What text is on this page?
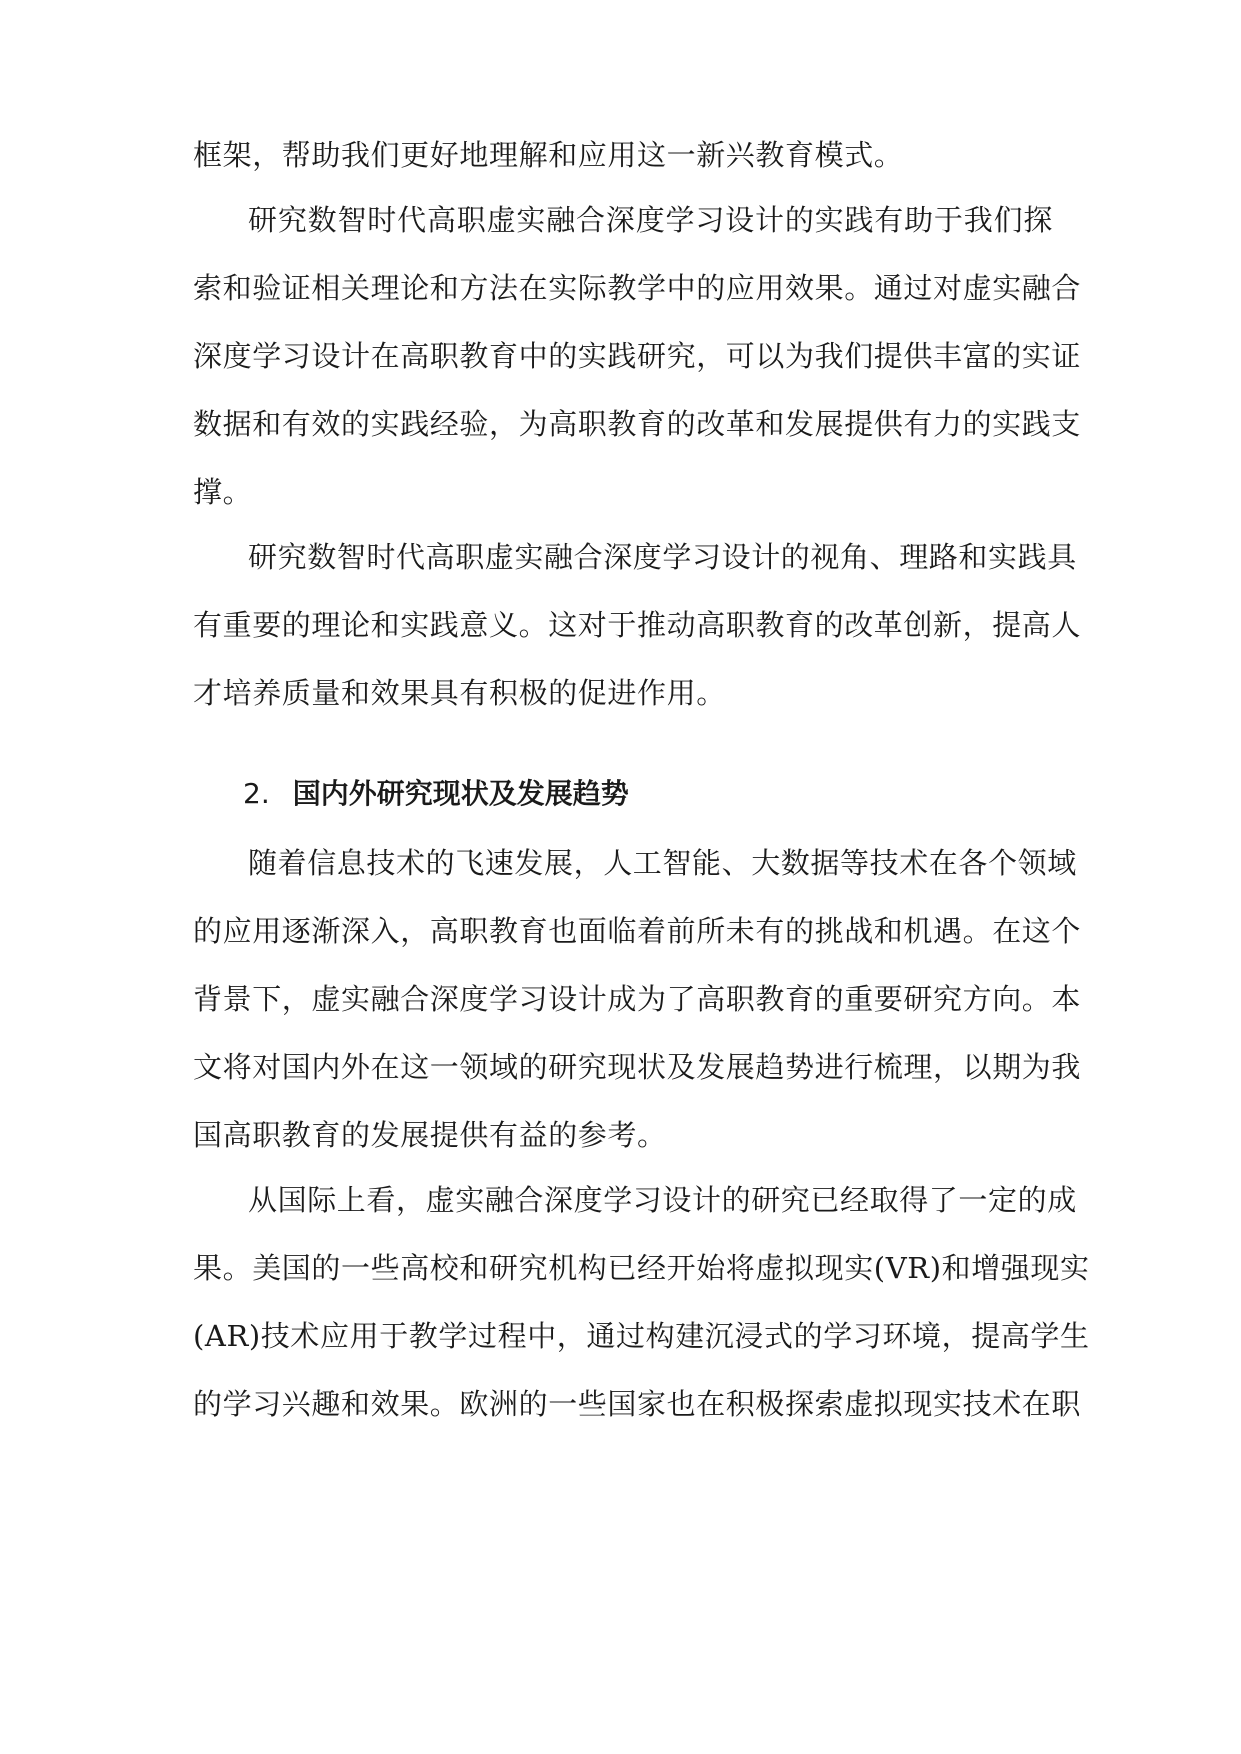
框架，帮助我们更好地理解和应用这一新兴教育模式。
研究数智时代高职虚实融合深度学习设计的实践有助于我们探
索和验证相关理论和方法在实际教学中的应用效果。通过对虚实融合
深度学习设计在高职教育中的实践研究，可以为我们提供丰富的实证
数据和有效的实践经验，为高职教育的改革和发展提供有力的实践支
撑。
研究数智时代高职虚实融合深度学习设计的视角、理路和实践具
有重要的理论和实践意义。这对于推动高职教育的改革创新，提高人
才培养质量和效果具有积极的促进作用。
2. 国内外研究现状及发展趋势
随着信息技术的飞速发展，人工智能、大数据等技术在各个领域
的应用逐渐深入，高职教育也面临着前所未有的挑战和机遇。在这个
背景下，虚实融合深度学习设计成为了高职教育的重要研究方向。本
文将对国内外在这一领域的研究现状及发展趋势进行梳理，以期为我
国高职教育的发展提供有益的参考。
从国际上看，虚实融合深度学习设计的研究已经取得了一定的成
果。美国的一些高校和研究机构已经开始将虚拟现实(VR)和增强现实
(AR)技术应用于教学过程中，通过构建沉浸式的学习环境，提高学生
的学习兴趣和效果。欧洲的一些国家也在积极探索虚拟现实技术在职
